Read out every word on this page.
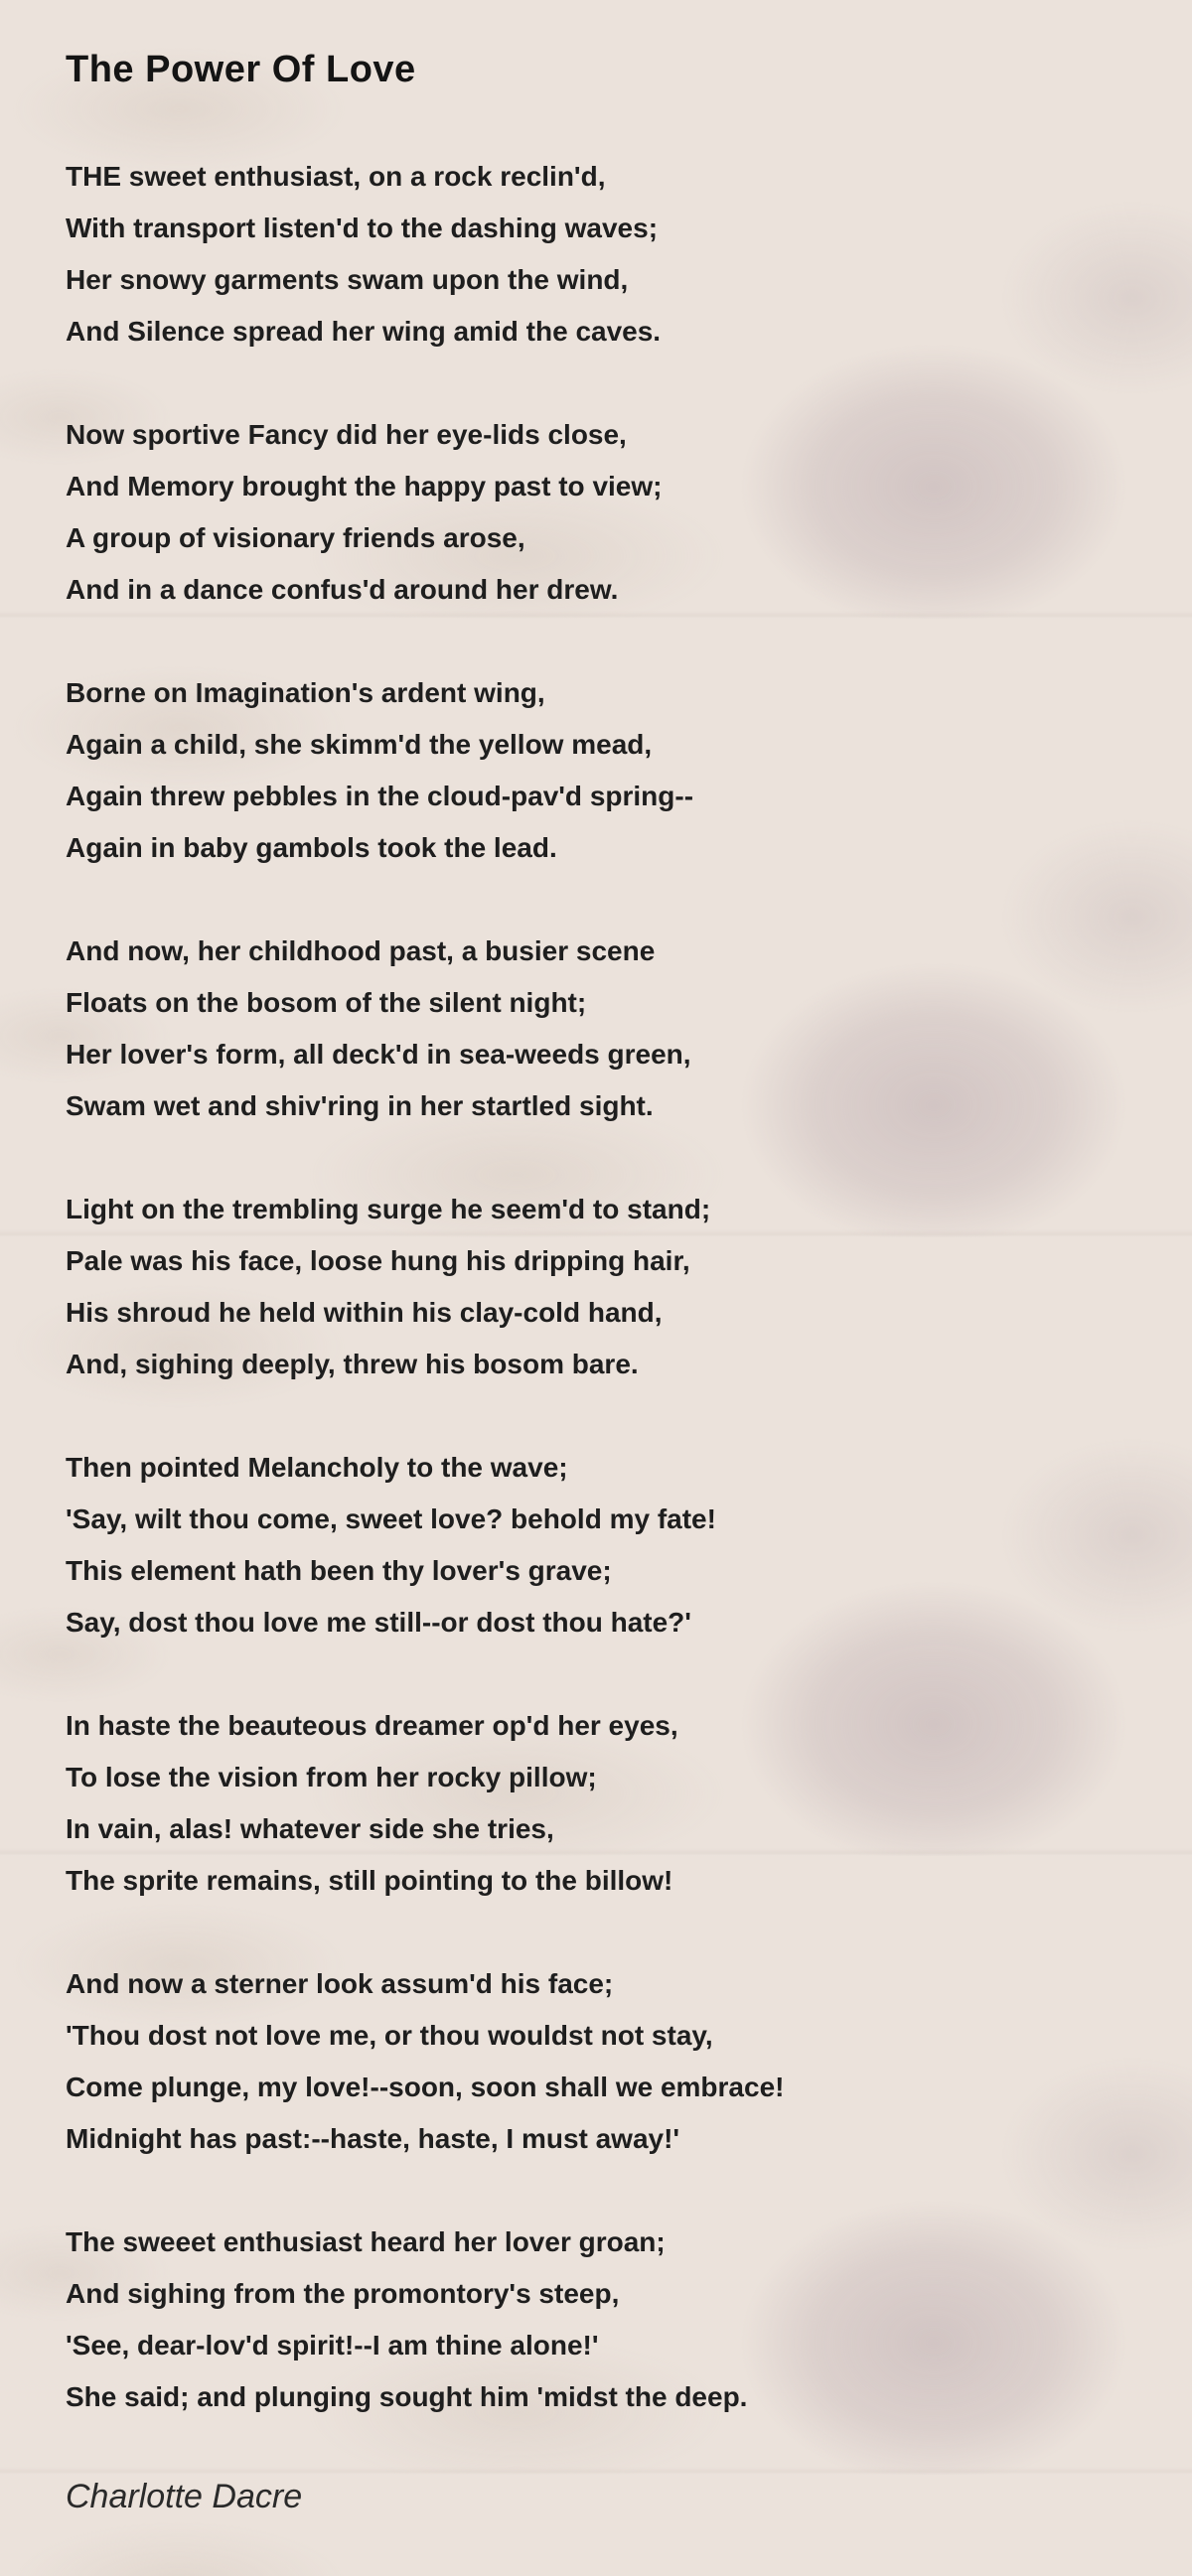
The Power Of Love

THE sweet enthusiast, on a rock reclin'd,
With transport listen'd to the dashing waves;
Her snowy garments swam upon the wind,
And Silence spread her wing amid the caves.

Now sportive Fancy did her eye-lids close,
And Memory brought the happy past to view;
A group of visionary friends arose,
And in a dance confus'd around her drew.

Borne on Imagination's ardent wing,
Again a child, she skimm'd the yellow mead,
Again threw pebbles in the cloud-pav'd spring--
Again in baby gambols took the lead.

And now, her childhood past, a busier scene
Floats on the bosom of the silent night;
Her lover's form, all deck'd in sea-weeds green,
Swam wet and shiv'ring in her startled sight.

Light on the trembling surge he seem'd to stand;
Pale was his face, loose hung his dripping hair,
His shroud he held within his clay-cold hand,
And, sighing deeply, threw his bosom bare.

Then pointed Melancholy to the wave;
'Say, wilt thou come, sweet love? behold my fate!
This element hath been thy lover's grave;
Say, dost thou love me still--or dost thou hate?'

In haste the beauteous dreamer op'd her eyes,
To lose the vision from her rocky pillow;
In vain, alas! whatever side she tries,
The sprite remains, still pointing to the billow!

And now a sterner look assum'd his face;
'Thou dost not love me, or thou wouldst not stay,
Come plunge, my love!--soon, soon shall we embrace!
Midnight has past:--haste, haste, I must away!'

The sweeet enthusiast heard her lover groan;
And sighing from the promontory's steep,
'See, dear-lov'd spirit!--I am thine alone!'
She said; and plunging sought him 'midst the deep.

Charlotte Dacre
